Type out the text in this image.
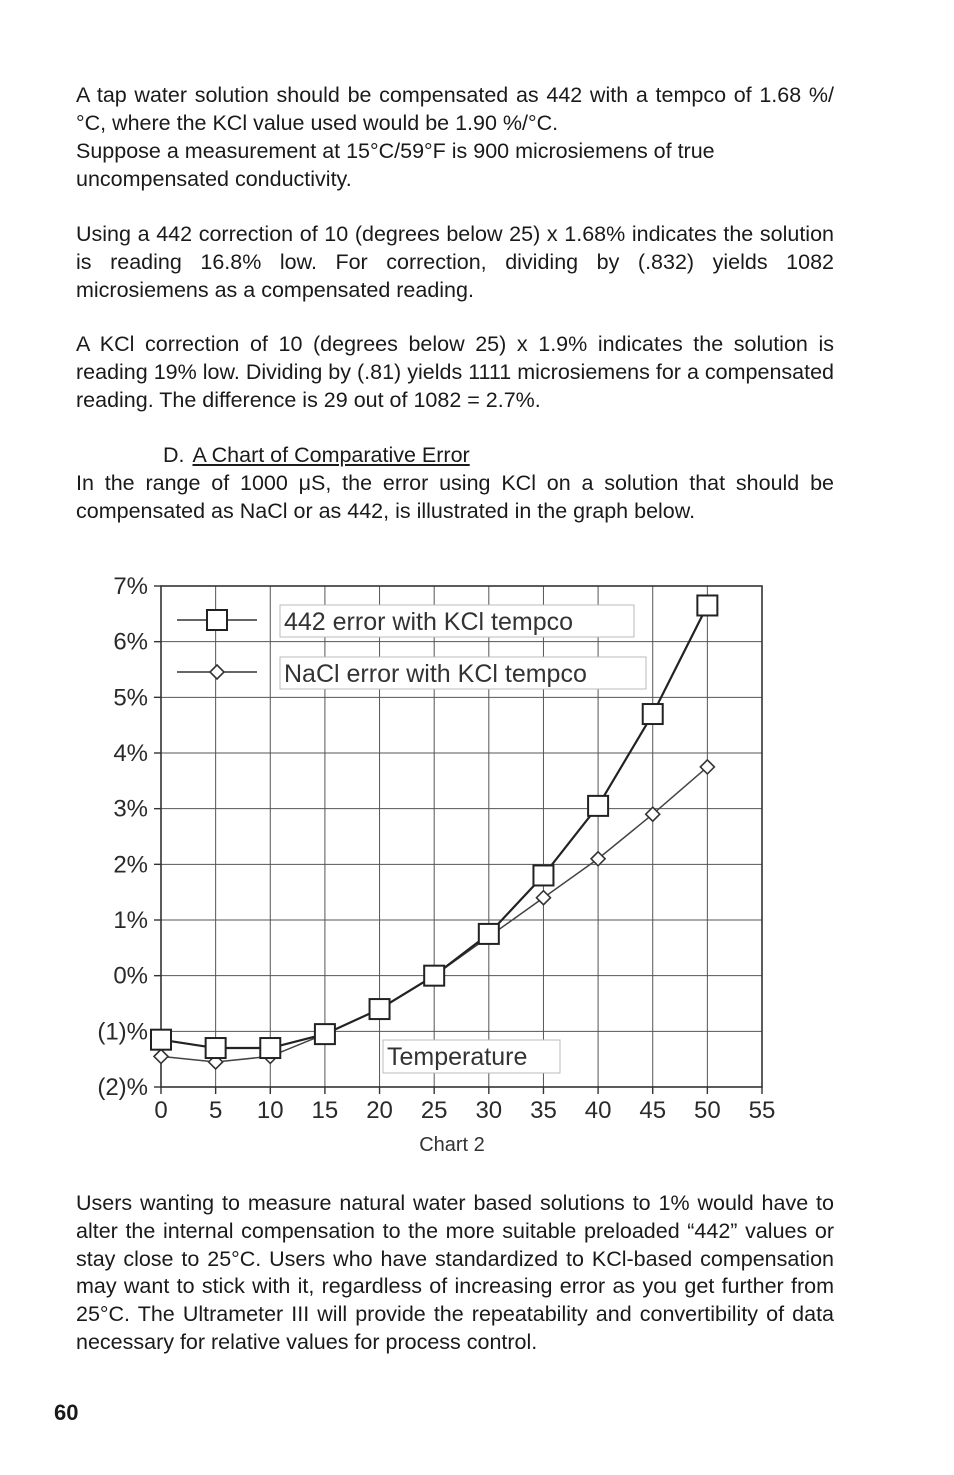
A tap water solution should be compensated as 442 with a tempco of 1.68 %/°C, where the KCl value used would be 1.90 %/°C.

Suppose a measurement at 15°C/59°F is 900 microsiemens of true uncompensated conductivity.

Using a 442 correction of 10 (degrees below 25) x 1.68% indicates the solution is reading 16.8% low. For correction, dividing by (.832) yields 1082 microsiemens as a compensated reading.

A KCl correction of 10 (degrees below 25) x 1.9% indicates the solution is reading 19% low. Dividing by (.81) yields 1111 microsiemens for a compensated reading. The difference is 29 out of 1082 = 2.7%.

D. A Chart of Comparative Error

In the range of 1000 μS, the error using KCl on a solution that should be compensated as NaCl or as 442, is illustrated in the graph below.

442 error with KCl tempco
NaCl error with KCl tempco
0 5 10 15 20 25 30 35 40 45 50 55
(2)%
(1)%
0%
1%
2%
3%
4%
5%
6%
7%
Temperature
Chart 2

Users wanting to measure natural water based solutions to 1% would have to alter the internal compensation to the more suitable preloaded “442” values or stay close to 25°C. Users who have standardized to KCl-based compensation may want to stick with it, regardless of increasing error as you get further from 25°C. The Ultrameter III will provide the repeatability and convertibility of data necessary for relative values for process control.

60
